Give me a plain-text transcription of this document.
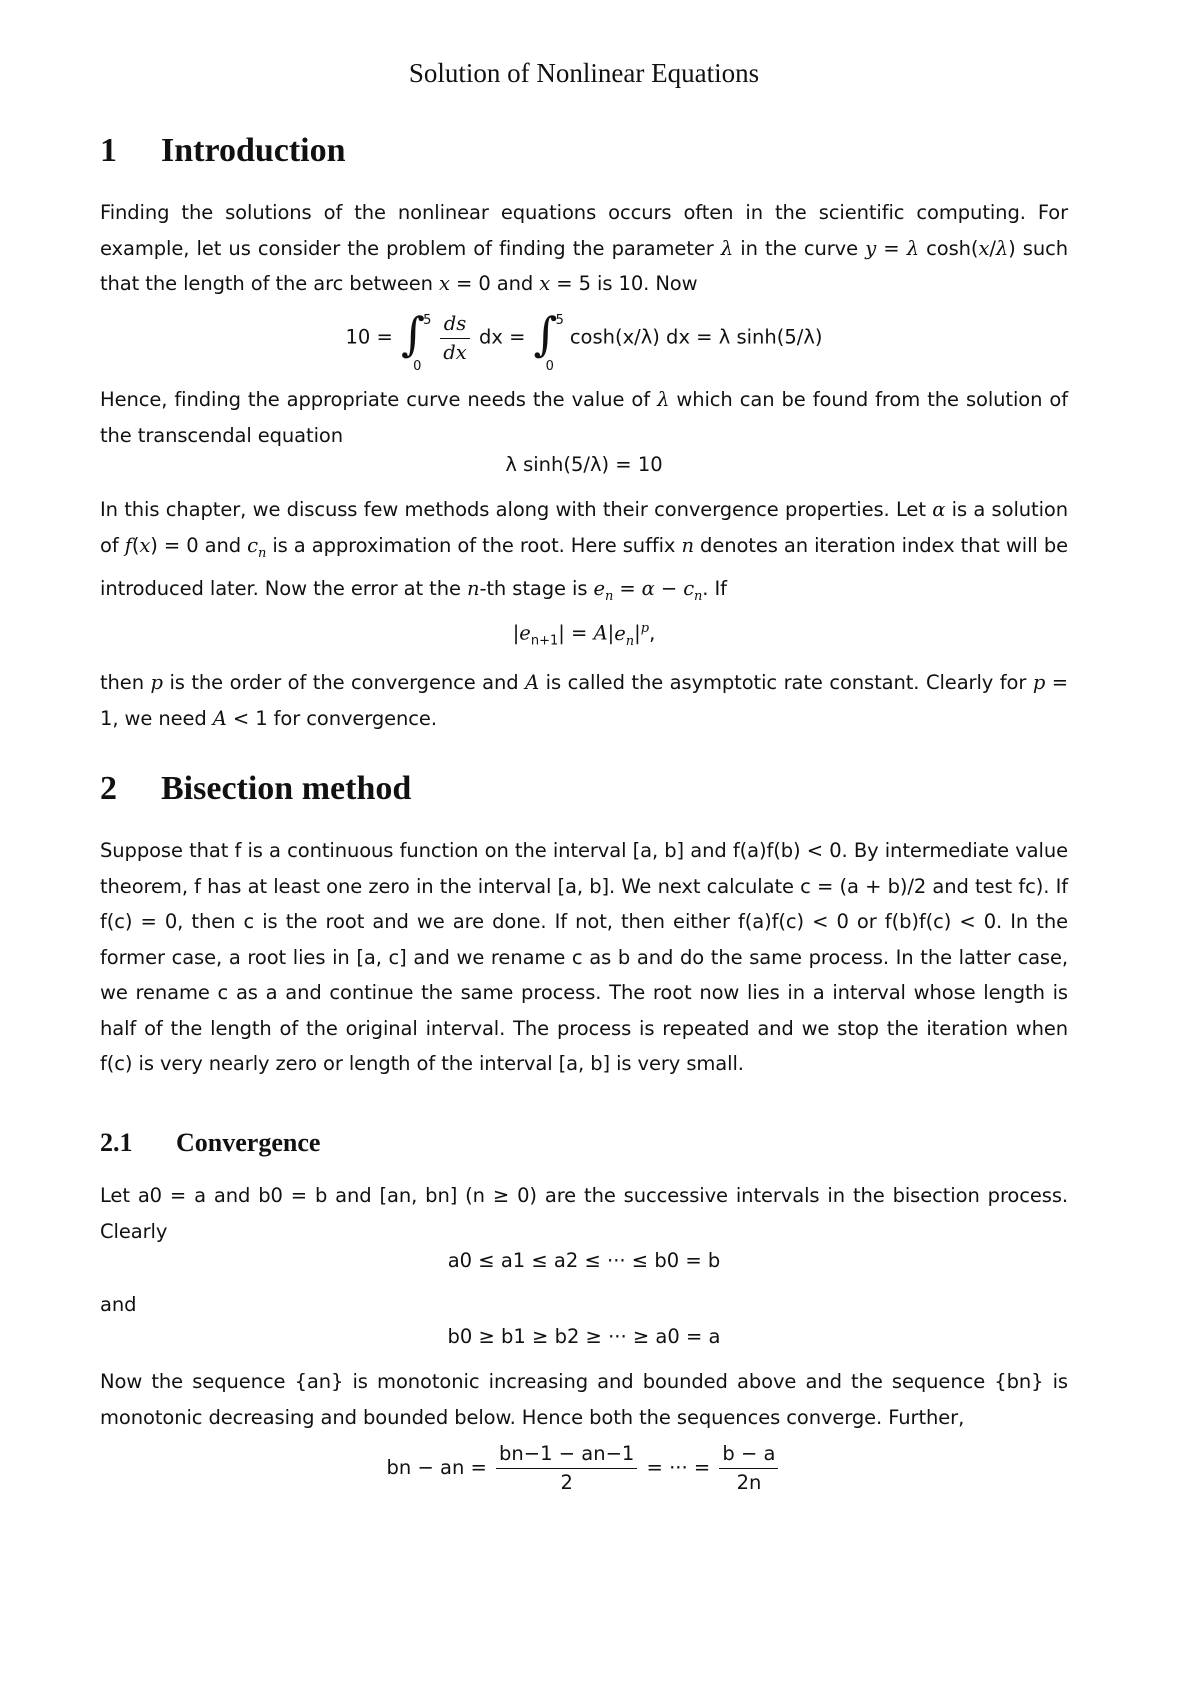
Solution of Nonlinear Equations
1 Introduction

Finding the solutions of the nonlinear equations occurs often in the scientific computing. For example, let us consider the problem of finding the parameter λ in the curve y = λ cosh(x/λ) such that the length of the arc between x = 0 and x = 5 is 10. Now

10 = ∫
5
0
$\frac{ds}{dx}$ dx = ∫
5
0
cosh(x/λ) dx = λ sinh(5/λ)

Hence, finding the appropriate curve needs the value of λ which can be found from the solution of the transcendal equation

λ sinh(5/λ) = 10

In this chapter, we discuss few methods along with their convergence properties. Let α is a solution of f(x) = 0 and $c_n$ is a approximation of the root. Here suffix n denotes an iteration index that will be introduced later. Now the error at the n-th stage is $e_n = \alpha - c_n$. If

$|e_{n+1}| = A|e_n|^p$,

then p is the order of the convergence and A is called the asymptotic rate constant. Clearly for p = 1, we need A < 1 for convergence.

2 Bisection method

Suppose that f is a continuous function on the interval [a, b] and f(a)f(b) < 0. By intermediate value theorem, f has at least one zero in the interval [a, b]. We next calculate c = (a + b)/2 and test fc). If f(c) = 0, then c is the root and we are done. If not, then either f(a)f(c) < 0 or f(b)f(c) < 0. In the former case, a root lies in [a, c] and we rename c as b and do the same process. In the latter case, we rename c as a and continue the same process. The root now lies in a interval whose length is half of the length of the original interval. The process is repeated and we stop the iteration when f(c) is very nearly zero or length of the interval [a, b] is very small.

2.1 Convergence

Let a0 = a and b0 = b and [an, bn] (n ≥ 0) are the successive intervals in the bisection process. Clearly

a0 ≤ a1 ≤ a2 ≤ ··· ≤ b0 = b

and

b0 ≥ b1 ≥ b2 ≥ ··· ≥ a0 = a

Now the sequence {an} is monotonic increasing and bounded above and the sequence {bn} is monotonic decreasing and bounded below. Hence both the sequences converge. Further,

bn − an = $\frac{bn-1 - an-1}{2}$ = ··· = $\frac{b - a}{2n}$
